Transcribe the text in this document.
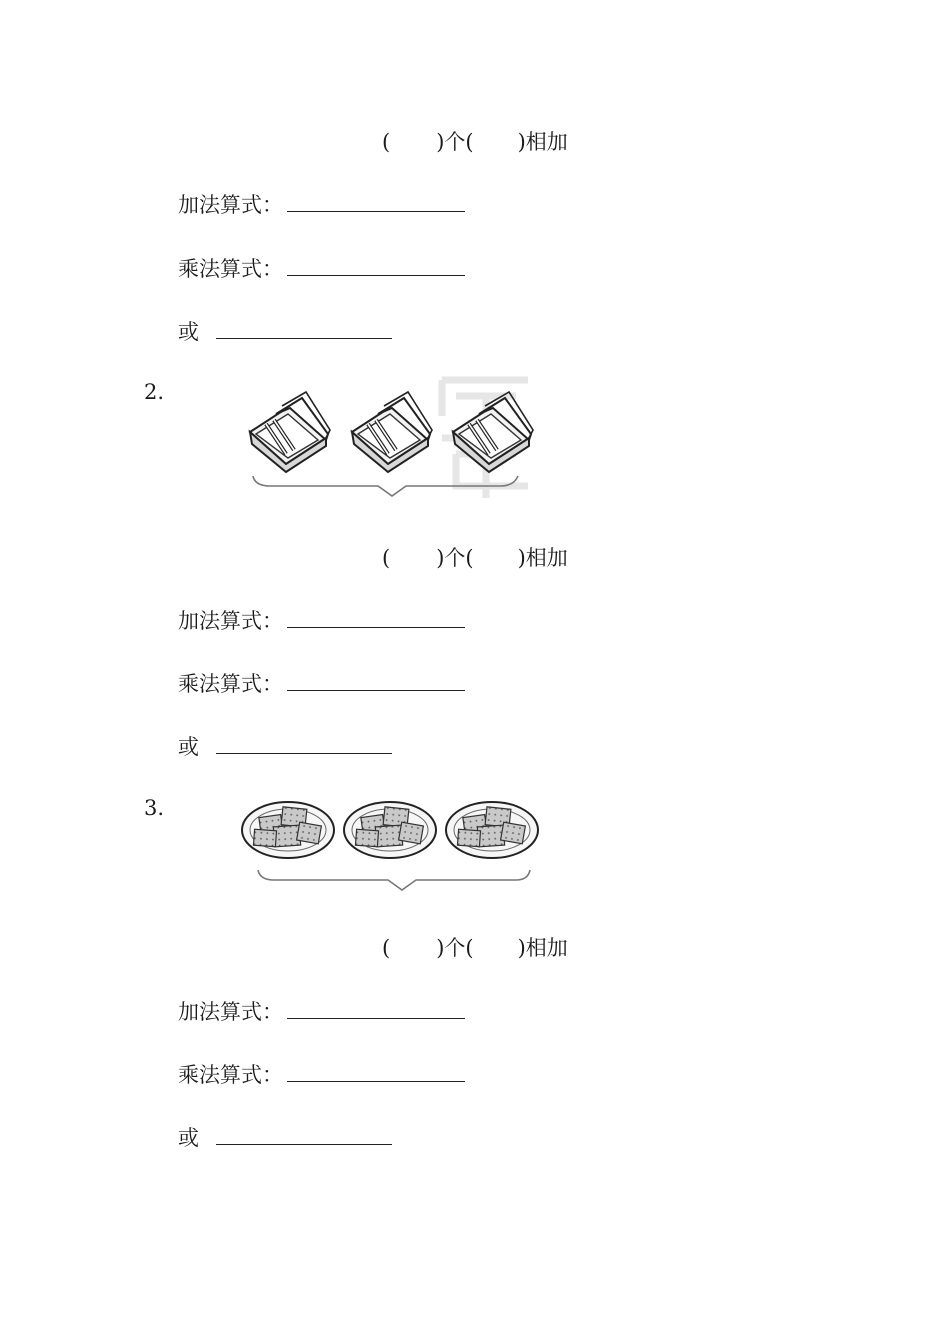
( )个( )相加
加法算式：
乘法算式：
或
2.
( )个( )相加
加法算式：
乘法算式：
或
3.
( )个( )相加
加法算式：
乘法算式：
或
